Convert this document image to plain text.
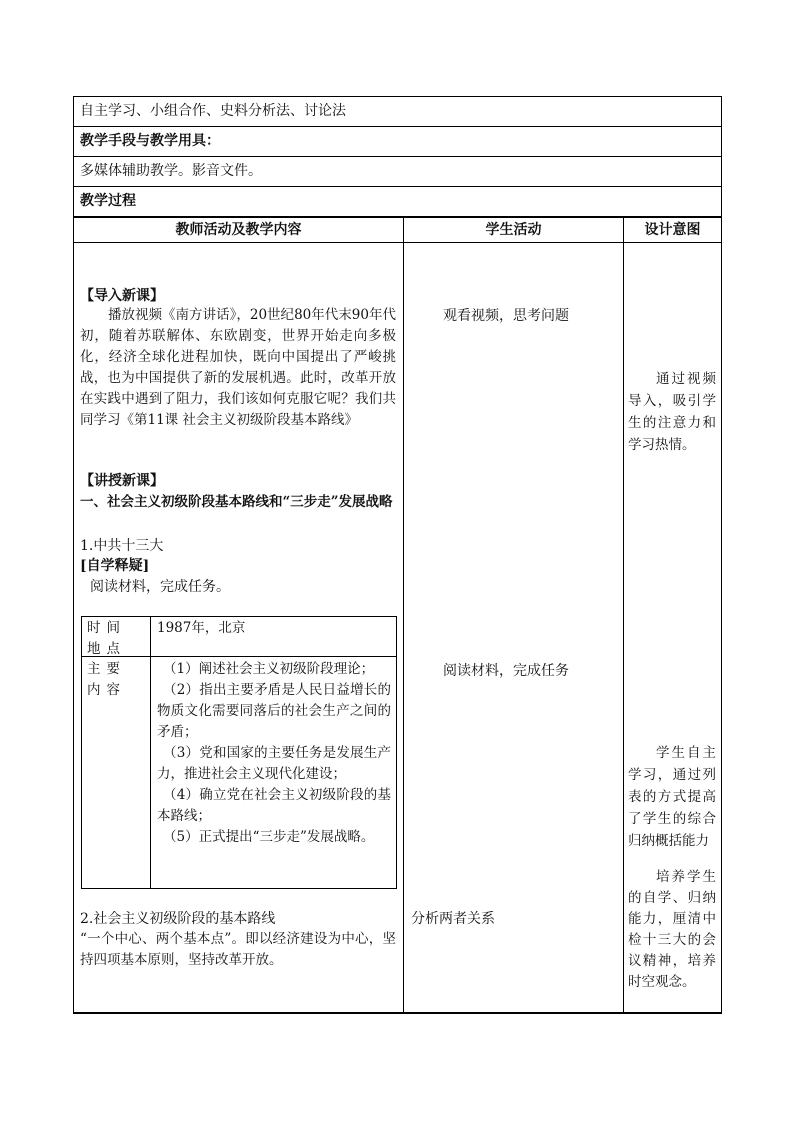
自主学习、小组合作、史料分析法、讨论法
教学手段与教学用具：
多媒体辅助教学。影音文件。
教学过程
教师活动及教学内容	学生活动	设计意图
【导入新课】
播放视频《南方讲话》，20世纪80年代末90年代初，随着苏联解体、东欧剧变，世界开始走向多极化，经济全球化进程加快，既向中国提出了严峻挑战，也为中国提供了新的发展机遇。此时，改革开放在实践中遇到了阻力，我们该如何克服它呢？我们共同学习《第11课 社会主义初级阶段基本路线》
【讲授新课】
一、社会主义初级阶段基本路线和“三步走”发展战略
1.中共十三大
[自学释疑]
阅读材料，完成任务。
时间地点
1987年，北京
主要内容
（1）阐述社会主义初级阶段理论；
（2）指出主要矛盾是人民日益增长的物质文化需要同落后的社会生产之间的矛盾；
（3）党和国家的主要任务是发展生产力，推进社会主义现代化建设；
（4）确立党在社会主义初级阶段的基本路线；
（5）正式提出“三步走”发展战略。
2.社会主义初级阶段的基本路线
“一个中心、两个基本点”。即以经济建设为中心，坚持四项基本原则，坚持改革开放。
观看视频，思考问题
阅读材料，完成任务
分析两者关系
通过视频导入，吸引学生的注意力和学习热情。
学生自主学习，通过列表的方式提高了学生的综合归纳概括能力
培养学生的自学、归纳能力，厘清中检十三大的会议精神，培养时空观念。
